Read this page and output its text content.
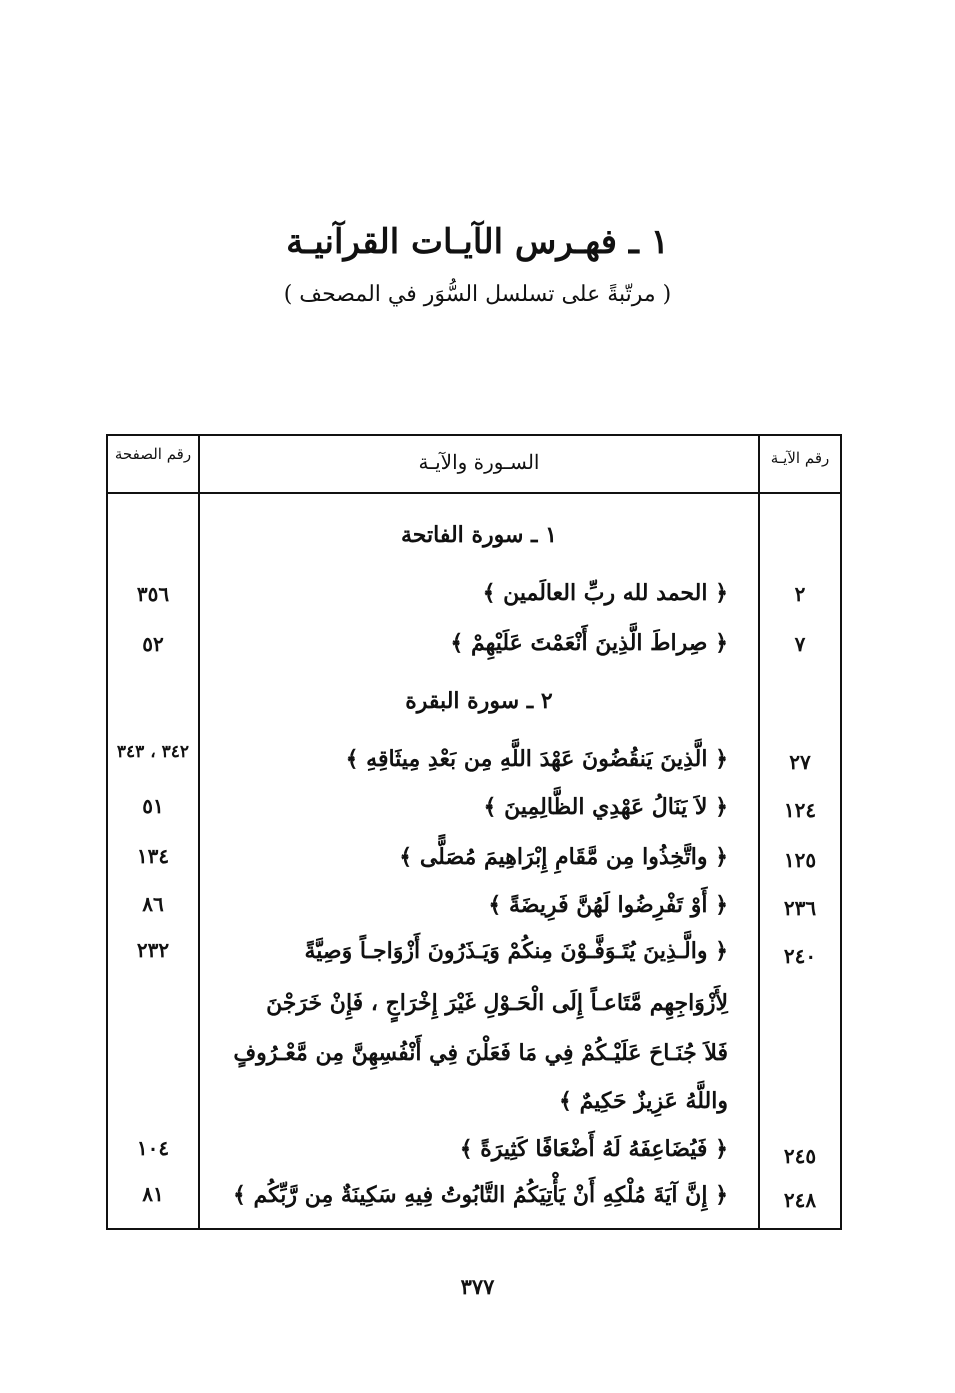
١ ـ فهـرس الآيـات القرآنيـة
( مرتّبةً على تسلسل السُّوَر في المصحف )
رقم الآيـة
السـورة والآيـة
رقم الصفحة
١ ـ سورة الفاتحة
٢
﴿ الحمد لله ربِّ العالَمين ﴾
٣٥٦
٧
﴿ صِراطَ الَّذِينَ أَنْعَمْتَ عَلَيْهِمْ ﴾
٥٢
٢ ـ سورة البقرة
٢٧
﴿ الَّذِينَ يَنقُضُونَ عَهْدَ اللَّهِ مِن بَعْدِ مِيثَاقِهِ ﴾
٣٤٢ ، ٣٤٣
١٢٤
﴿ لاَ يَنَالُ عَهْدِي الظَّالِمِينَ ﴾
٥١
١٢٥
﴿ واتَّخِذُوا مِن مَّقَامِ إِبْرَاهِيمَ مُصَلًّى ﴾
١٣٤
٢٣٦
﴿ أَوْ تَفْرِضُوا لَهُنَّ فَرِيضَةً ﴾
٨٦
٢٤٠
﴿ والَّـذِينَ يُتَـوَفَّـوْنَ مِنكُمْ وَيَـذَرُونَ أَزْوَاجـاً وَصِيَّةً
٢٣٢
لِأَزْوَاجِهِم مَّتَاعـاً إِلَى الْحَـوْلِ غَيْرَ إِخْرَاجٍ ، فَإِنْ خَرَجْنَ
فَلاَ جُنَـاحَ عَلَيْـكُمْ فِي مَا فَعَلْنَ فِي أَنْفُسِهِنَّ مِن مَّعْـرُوفٍ
واللَّهُ عَزِيزٌ حَكِيمٌ ﴾
٢٤٥
﴿ فَيُضَاعِفَهُ لَهُ أَضْعَافًا كَثِيرَةً ﴾
١٠٤
٢٤٨
﴿ إِنَّ آيَةَ مُلْكِهِ أَنْ يَأْتِيَكُمُ التَّابُوتُ فِيهِ سَكِينَةٌ مِن رَّبِّكُم ﴾
٨١
٣٧٧
